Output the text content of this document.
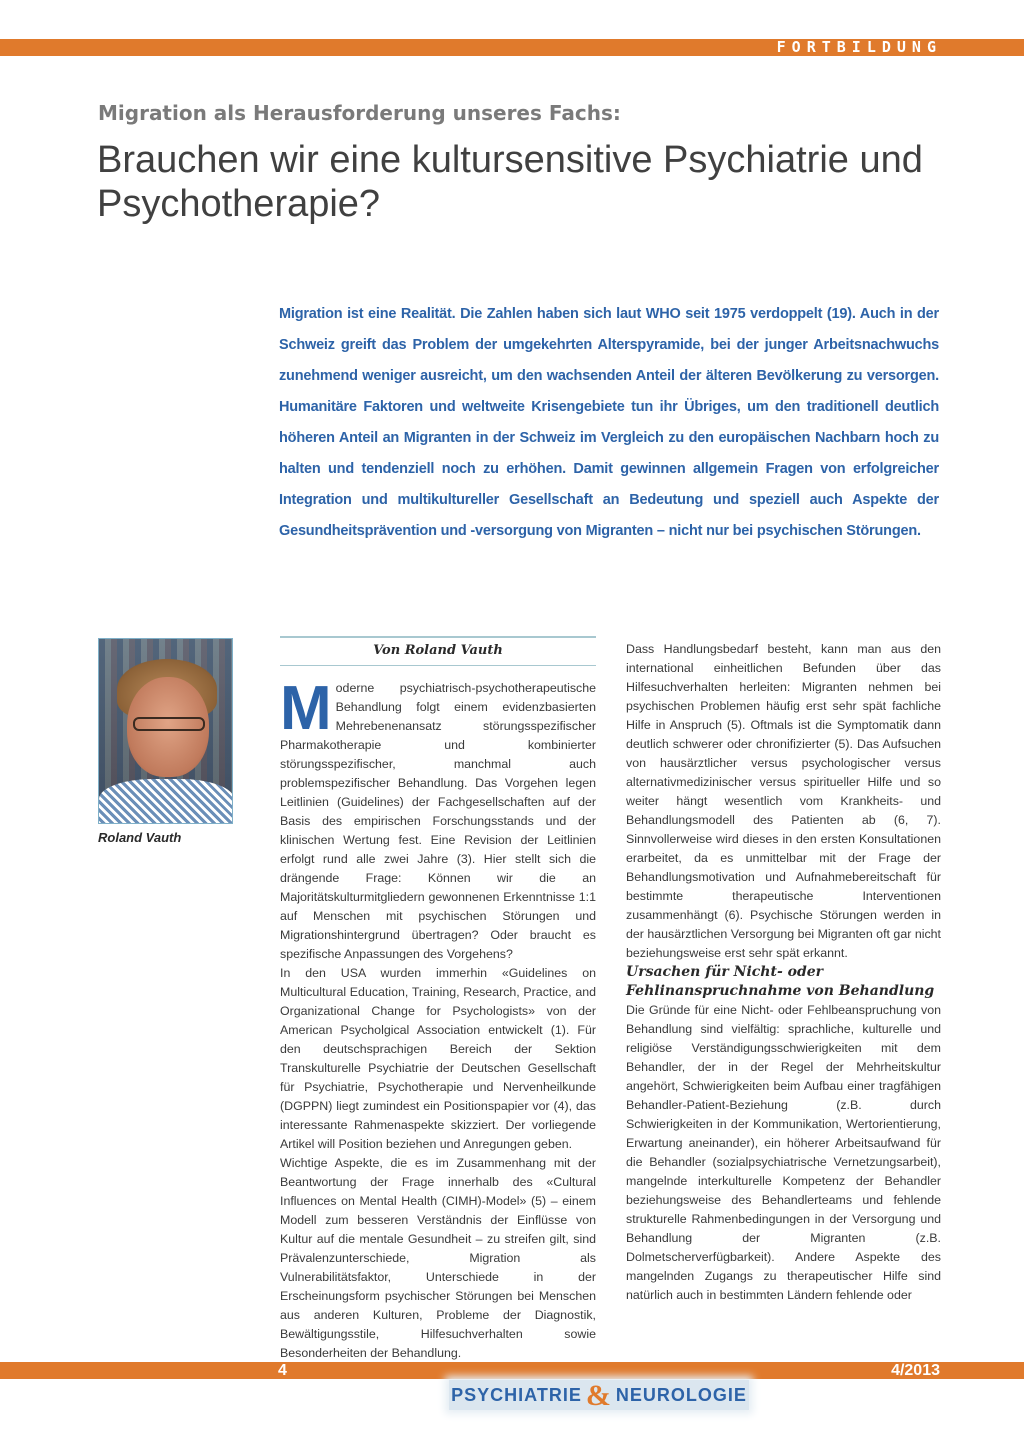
FORTBILDUNG
Migration als Herausforderung unseres Fachs:
Brauchen wir eine kultursensitive Psychiatrie und Psychotherapie?
Migration ist eine Realität. Die Zahlen haben sich laut WHO seit 1975 verdoppelt (19). Auch in der Schweiz greift das Problem der umgekehrten Alterspyramide, bei der junger Arbeitsnachwuchs zunehmend weniger ausreicht, um den wachsenden Anteil der älteren Bevölkerung zu versorgen. Humanitäre Faktoren und weltweite Krisengebiete tun ihr Übriges, um den traditionell deutlich höheren Anteil an Migranten in der Schweiz im Vergleich zu den europäischen Nachbarn hoch zu halten und tendenziell noch zu erhöhen. Damit gewinnen allgemein Fragen von erfolgreicher Integration und multikultureller Gesellschaft an Bedeutung und speziell auch Aspekte der Gesundheitsprävention und -versorgung von Migranten – nicht nur bei psychischen Störungen.
Roland Vauth
Von Roland Vauth

Moderne psychiatrisch-psychotherapeutische Behandlung folgt einem evidenzbasierten Mehrebenenansatz störungsspezifischer Pharmakotherapie und kombinierter störungsspezifischer, manchmal auch problemspezifischer Behandlung. Das Vorgehen legen Leitlinien (Guidelines) der Fachgesellschaften auf der Basis des empirischen Forschungsstands und der klinischen Wertung fest. Eine Revision der Leitlinien erfolgt rund alle zwei Jahre (3). Hier stellt sich die drängende Frage: Können wir die an Majoritätskulturmitgliedern gewonnenen Erkenntnisse 1:1 auf Menschen mit psychischen Störungen und Migrationshintergrund übertragen? Oder braucht es spezifische Anpassungen des Vorgehens?

In den USA wurden immerhin «Guidelines on Multicultural Education, Training, Research, Practice, and Organizational Change for Psychologists» von der American Psycholgical Association entwickelt (1). Für den deutschsprachigen Bereich der Sektion Transkulturelle Psychiatrie der Deutschen Gesellschaft für Psychiatrie, Psychotherapie und Nervenheilkunde (DGPPN) liegt zumindest ein Positionspapier vor (4), das interessante Rahmenaspekte skizziert. Der vorliegende Artikel will Position beziehen und Anregungen geben.

Wichtige Aspekte, die es im Zusammenhang mit der Beantwortung der Frage innerhalb des «Cultural Influences on Mental Health (CIMH)-Model» (5) – einem Modell zum besseren Verständnis der Einflüsse von Kultur auf die mentale Gesundheit – zu streifen gilt, sind Prävalenzunterschiede, Migration als Vulnerabilitätsfaktor, Unterschiede in der Erscheinungsform psychischer Störungen bei Menschen aus anderen Kulturen, Probleme der Diagnostik, Bewältigungsstile, Hilfesuchverhalten sowie Besonderheiten der Behandlung.

Dass Handlungsbedarf besteht, kann man aus den international einheitlichen Befunden über das Hilfesuchverhalten herleiten: Migranten nehmen bei psychischen Problemen häufig erst sehr spät fachliche Hilfe in Anspruch (5). Oftmals ist die Symptomatik dann deutlich schwerer oder chronifizierter (5). Das Aufsuchen von hausärztlicher versus psychologischer versus alternativmedizinischer versus spiritueller Hilfe und so weiter hängt wesentlich vom Krankheits- und Behandlungsmodell des Patienten ab (6, 7). Sinnvollerweise wird dieses in den ersten Konsultationen erarbeitet, da es unmittelbar mit der Frage der Behandlungsmotivation und Aufnahmebereitschaft für bestimmte therapeutische Interventionen zusammenhängt (6). Psychische Störungen werden in der hausärztlichen Versorgung bei Migranten oft gar nicht beziehungsweise erst sehr spät erkannt.

Ursachen für Nicht- oder Fehlinanspruchnahme von Behandlung

Die Gründe für eine Nicht- oder Fehlbeanspruchung von Behandlung sind vielfältig: sprachliche, kulturelle und religiöse Verständigungsschwierigkeiten mit dem Behandler, der in der Regel der Mehrheitskultur angehört, Schwierigkeiten beim Aufbau einer tragfähigen Behandler-Patient-Beziehung (z.B. durch Schwierigkeiten in der Kommunikation, Wertorientierung, Erwartung aneinander), ein höherer Arbeitsaufwand für die Behandler (sozialpsychiatrische Vernetzungsarbeit), mangelnde interkulturelle Kompetenz der Behandler beziehungsweise des Behandlerteams und fehlende strukturelle Rahmenbedingungen in der Versorgung und Behandlung der Migranten (z.B. Dolmetscherverfügbarkeit). Andere Aspekte des mangelnden Zugangs zu therapeutischer Hilfe sind natürlich auch in bestimmten Ländern fehlende oder

4	4/2013
PSYCHIATRIE & NEUROLOGIE
